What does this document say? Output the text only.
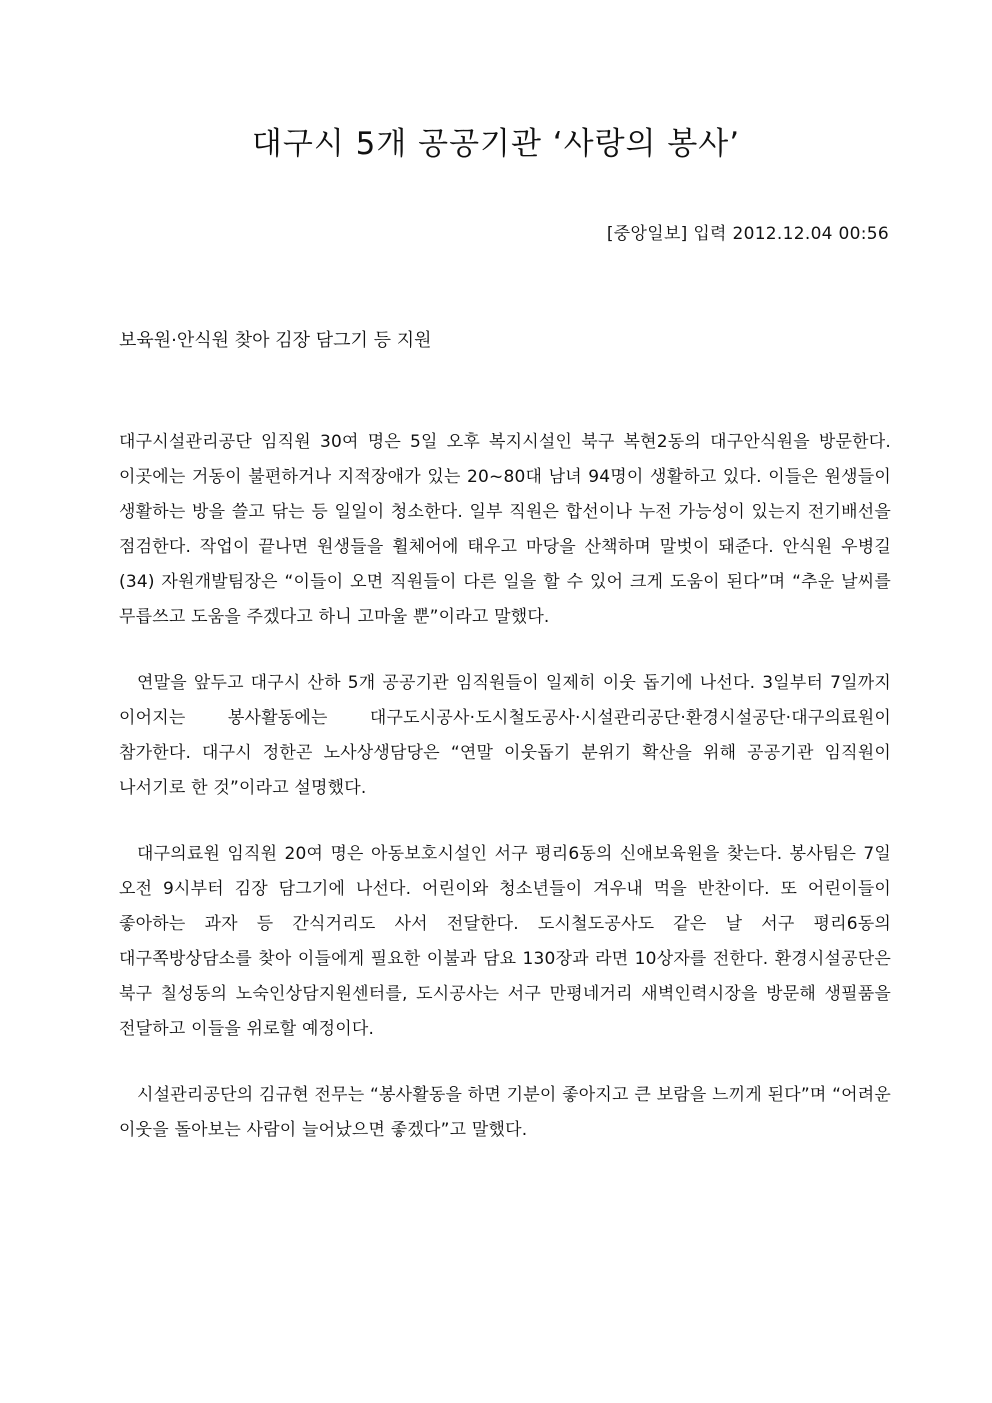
대구시 5개 공공기관 ‘사랑의 봉사’

[중앙일보] 입력 2012.12.04 00:56

보육원·안식원 찾아 김장 담그기 등 지원

대구시설관리공단 임직원 30여 명은 5일 오후 복지시설인 북구 복현2동의 대구안식원을 방문한다. 이곳에는 거동이 불편하거나 지적장애가 있는 20~80대 남녀 94명이 생활하고 있다. 이들은 원생들이 생활하는 방을 쓸고 닦는 등 일일이 청소한다. 일부 직원은 합선이나 누전 가능성이 있는지 전기배선을 점검한다. 작업이 끝나면 원생들을 휠체어에 태우고 마당을 산책하며 말벗이 돼준다. 안식원 우병길(34) 자원개발팀장은 “이들이 오면 직원들이 다른 일을 할 수 있어 크게 도움이 된다”며 “추운 날씨를 무릅쓰고 도움을 주겠다고 하니 고마울 뿐”이라고 말했다.

연말을 앞두고 대구시 산하 5개 공공기관 임직원들이 일제히 이웃 돕기에 나선다. 3일부터 7일까지 이어지는 봉사활동에는 대구도시공사·도시철도공사·시설관리공단·환경시설공단·대구의료원이 참가한다. 대구시 정한곤 노사상생담당은 “연말 이웃돕기 분위기 확산을 위해 공공기관 임직원이 나서기로 한 것”이라고 설명했다.

대구의료원 임직원 20여 명은 아동보호시설인 서구 평리6동의 신애보육원을 찾는다. 봉사팀은 7일 오전 9시부터 김장 담그기에 나선다. 어린이와 청소년들이 겨우내 먹을 반찬이다. 또 어린이들이 좋아하는 과자 등 간식거리도 사서 전달한다. 도시철도공사도 같은 날 서구 평리6동의 대구쪽방상담소를 찾아 이들에게 필요한 이불과 담요 130장과 라면 10상자를 전한다. 환경시설공단은 북구 칠성동의 노숙인상담지원센터를, 도시공사는 서구 만평네거리 새벽인력시장을 방문해 생필품을 전달하고 이들을 위로할 예정이다.

시설관리공단의 김규현 전무는 “봉사활동을 하면 기분이 좋아지고 큰 보람을 느끼게 된다”며 “어려운 이웃을 돌아보는 사람이 늘어났으면 좋겠다”고 말했다.
